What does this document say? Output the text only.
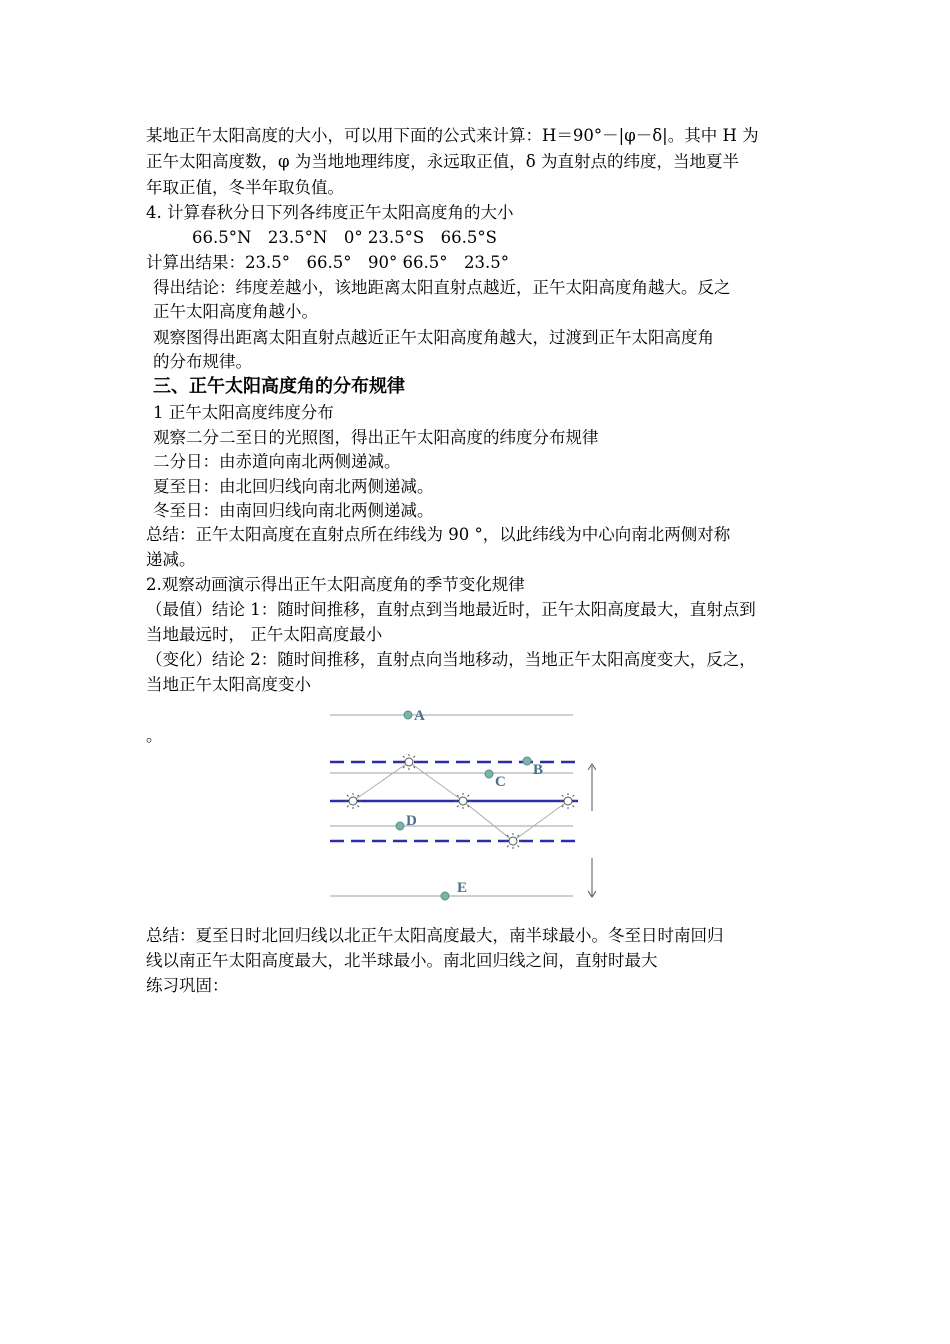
某地正午太阳高度的大小，可以用下面的公式来计算：H＝90°－|φ－δ|。其中 H 为
正午太阳高度数，φ 为当地地理纬度，永远取正值，δ 为直射点的纬度，当地夏半
年取正值，冬半年取负值。
4. 计算春秋分日下列各纬度正午太阳高度角的大小
66.5°N　23.5°N　0° 23.5°S　66.5°S
计算出结果：23.5°　66.5°　90° 66.5°　23.5°
得出结论：纬度差越小，该地距离太阳直射点越近，正午太阳高度角越大。反之
正午太阳高度角越小。
观察图得出距离太阳直射点越近正午太阳高度角越大，过渡到正午太阳高度角
的分布规律。
三、正午太阳高度角的分布规律
1 正午太阳高度纬度分布
观察二分二至日的光照图，得出正午太阳高度的纬度分布规律
二分日：由赤道向南北两侧递减。
夏至日：由北回归线向南北两侧递减。
冬至日：由南回归线向南北两侧递减。
总结：正午太阳高度在直射点所在纬线为 90 °，以此纬线为中心向南北两侧对称
递减。
2.观察动画演示得出正午太阳高度角的季节变化规律
（最值）结论 1：随时间推移，直射点到当地最近时，正午太阳高度最大，直射点到
当地最远时， 正午太阳高度最小
（变化）结论 2：随时间推移，直射点向当地移动，当地正午太阳高度变大，反之，
当地正午太阳高度变小
。
A
B
C
D
E
总结：夏至日时北回归线以北正午太阳高度最大，南半球最小。冬至日时南回归
线以南正午太阳高度最大，北半球最小。南北回归线之间，直射时最大
练习巩固：
